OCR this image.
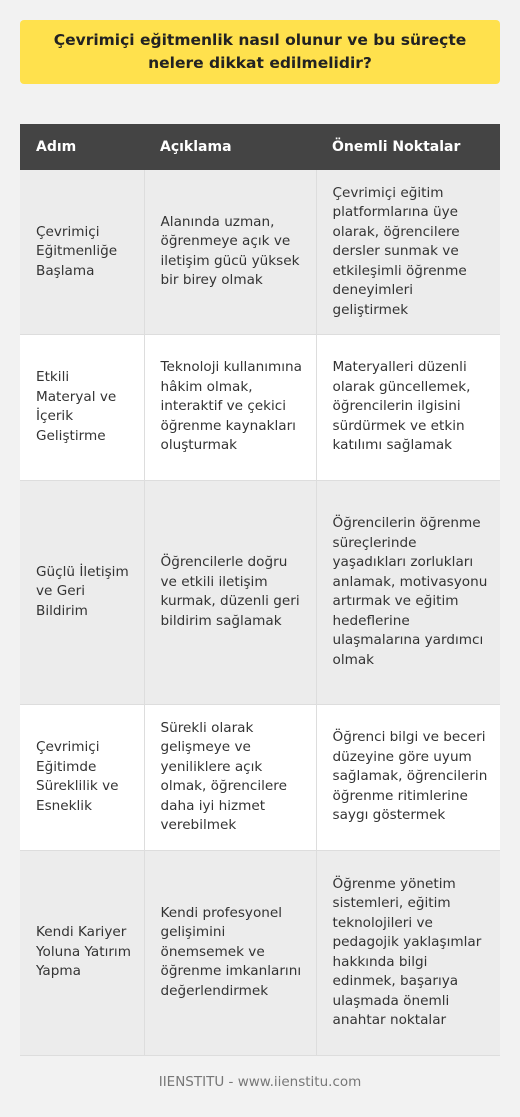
Çevrimiçi eğitmenlik nasıl olunur ve bu süreçte nelere dikkat edilmelidir?
Adım	Açıklama	Önemli Noktalar
Çevrimiçi Eğitmenliğe Başlama	Alanında uzman, öğrenmeye açık ve iletişim gücü yüksek bir birey olmak	Çevrimiçi eğitim platformlarına üye olarak, öğrencilere dersler sunmak ve etkileşimli öğrenme deneyimleri geliştirmek
Etkili Materyal ve İçerik Geliştirme	Teknoloji kullanımına hâkim olmak, interaktif ve çekici öğrenme kaynakları oluşturmak	Materyalleri düzenli olarak güncellemek, öğrencilerin ilgisini sürdürmek ve etkin katılımı sağlamak
Güçlü İletişim ve Geri Bildirim	Öğrencilerle doğru ve etkili iletişim kurmak, düzenli geri bildirim sağlamak	Öğrencilerin öğrenme süreçlerinde yaşadıkları zorlukları anlamak, motivasyonu artırmak ve eğitim hedeflerine ulaşmalarına yardımcı olmak
Çevrimiçi Eğitimde Süreklilik ve Esneklik	Sürekli olarak gelişmeye ve yeniliklere açık olmak, öğrencilere daha iyi hizmet verebilmek	Öğrenci bilgi ve beceri düzeyine göre uyum sağlamak, öğrencilerin öğrenme ritimlerine saygı göstermek
Kendi Kariyer Yoluna Yatırım Yapma	Kendi profesyonel gelişimini önemsemek ve öğrenme imkanlarını değerlendirmek	Öğrenme yönetim sistemleri, eğitim teknolojileri ve pedagojik yaklaşımlar hakkında bilgi edinmek, başarıya ulaşmada önemli anahtar noktalar
IIENSTITU - www.iienstitu.com
